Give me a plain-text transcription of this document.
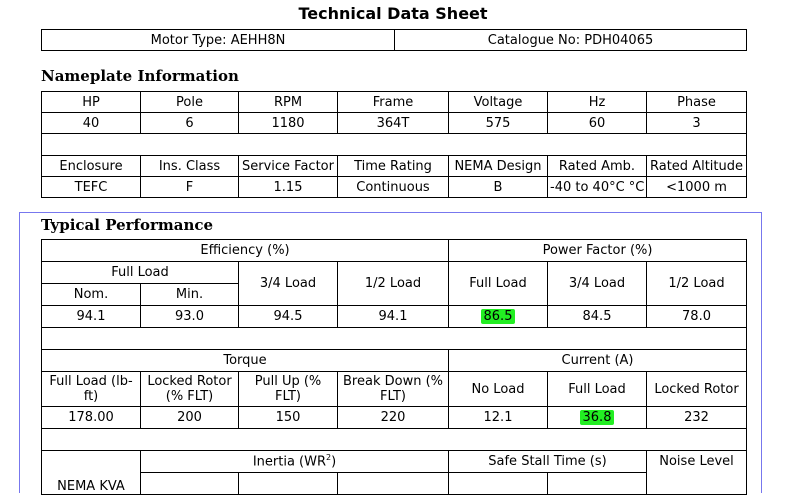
Technical Data Sheet
Motor Type: AEHH8N	Catalogue No: PDH04065
Nameplate Information
HP	Pole	RPM	Frame	Voltage	Hz	Phase
40	6	1180	364T	575	60	3

Enclosure	Ins. Class	Service Factor	Time Rating	NEMA Design	Rated Amb.	Rated Altitude
TEFC	F	1.15	Continuous	B	-40 to 40°C °C	<1000 m
Typical Performance
Efficiency (%)				Power Factor (%)		
Full Load		3/4 Load	1/2 Load	Full Load	3/4 Load	1/2 Load
Nom.	Min.					
94.1	93.0	94.5	94.1	86.5	84.5	78.0

Torque				Current (A)		
Full Load (lb-ft)	Locked Rotor (% FLT)	Pull Up (% FLT)	Break Down (% FLT)	No Load	Full Load	Locked Rotor
178.00	200	150	220	12.1	36.8	232

NEMA KVA	Inertia $(WR^2)$			Safe Stall Time (s)		Noise Level
